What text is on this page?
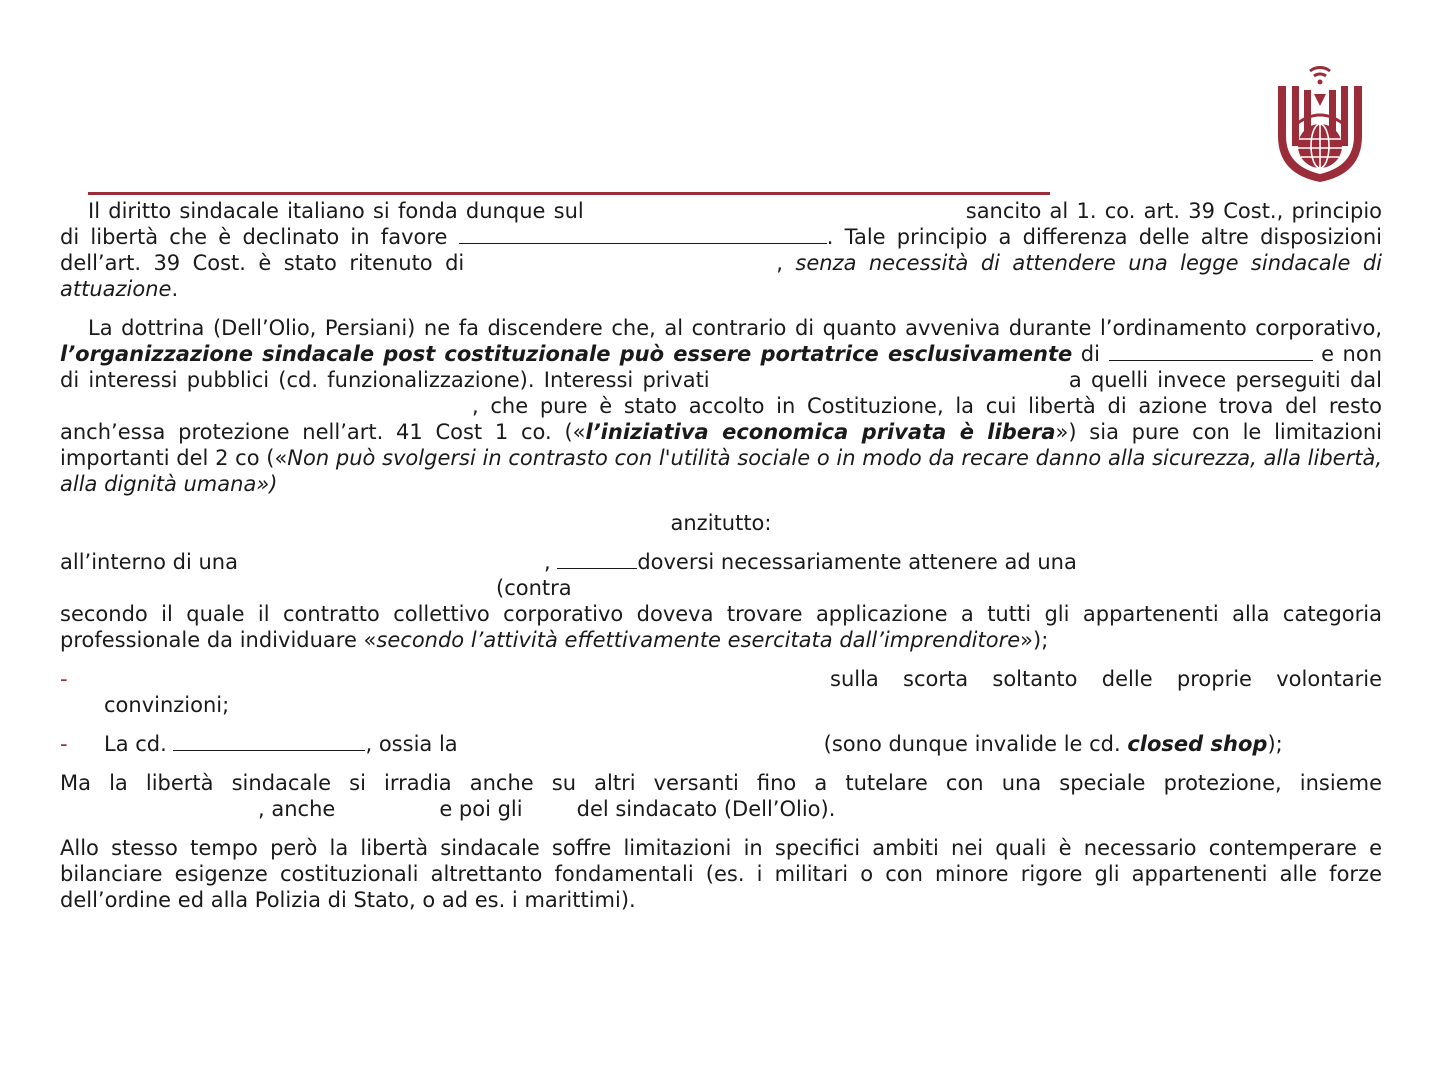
Il diritto sindacale italiano si fonda dunque sul	sancito al 1. co. art. 39 Cost., principio di libertà che è declinato in favore	. Tale principio a differenza delle altre disposizioni dell’art. 39 Cost. è stato ritenuto di	, senza necessità di attendere una legge sindacale di attuazione.

La dottrina (Dell’Olio, Persiani) ne fa discendere che, al contrario di quanto avveniva durante l’ordinamento corporativo, l’organizzazione sindacale post costituzionale può essere portatrice esclusivamente di	e non di interessi pubblici (cd. funzionalizzazione). Interessi privati	a quelli invece perseguiti dal, che pure è stato accolto in Costituzione, la cui libertà di azione trova del resto anch’essa protezione nell’art. 41 Cost 1 co. («l’iniziativa economica privata è libera») sia pure con le limitazioni importanti del 2 co («Non può svolgersi in contrasto con l'utilità sociale o in modo da recare danno alla sicurezza, alla libertà, alla dignità umana»)

anzitutto:

all’interno di una	,	doversi necessariamente attenere ad una
(contra
secondo il quale il contratto collettivo corporativo doveva trovare applicazione a tutti gli appartenenti alla categoria professionale da individuare «secondo l’attività effettivamente esercitata dall’imprenditore»);

-	sulla scorta soltanto delle proprie volontarie convinzioni;

- La cd.	, ossia la	(sono dunque invalide le cd. closed shop);

Ma la libertà sindacale si irradia anche su altri versanti fino a tutelare con una speciale protezione, insieme , anche	e poi gli	del sindacato (Dell’Olio).

Allo stesso tempo però la libertà sindacale soffre limitazioni in specifici ambiti nei quali è necessario contemperare e bilanciare esigenze costituzionali altrettanto fondamentali (es. i militari o con minore rigore gli appartenenti alle forze dell’ordine ed alla Polizia di Stato, o ad es. i marittimi).
